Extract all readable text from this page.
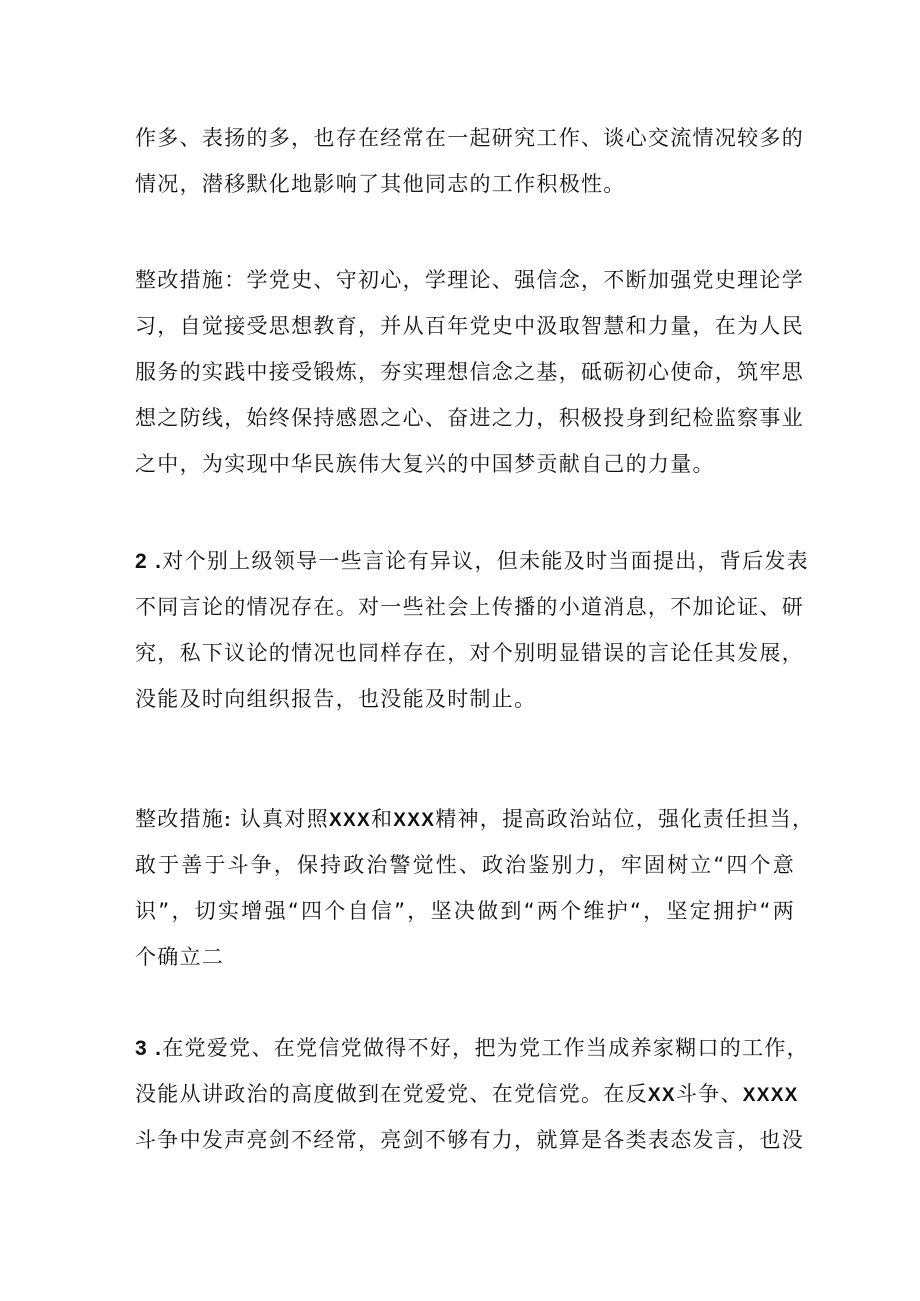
作多、表扬的多，也存在经常在一起研究工作、谈心交流情况较多的
情况，潜移默化地影响了其他同志的工作积极性。
整改措施：学党史、守初心，学理论、强信念，不断加强党史理论学
习，自觉接受思想教育，并从百年党史中汲取智慧和力量，在为人民
服务的实践中接受锻炼，夯实理想信念之基，砥砺初心使命，筑牢思
想之防线，始终保持感恩之心、奋进之力，积极投身到纪检监察事业
之中，为实现中华民族伟大复兴的中国梦贡献自己的力量。
2 .对个别上级领导一些言论有异议，但未能及时当面提出，背后发表
不同言论的情况存在。对一些社会上传播的小道消息，不加论证、研
究，私下议论的情况也同样存在，对个别明显错误的言论任其发展，
没能及时向组织报告，也没能及时制止。
整改措施: 认真对照XXX和XXX精神，提高政治站位，强化责任担当，
敢于善于斗争，保持政治警觉性、政治鉴别力，牢固树立“四个意
识”，切实增强“四个自信”，坚决做到“两个维护“，坚定拥护“两
个确立二
3 .在党爱党、在党信党做得不好，把为党工作当成养家糊口的工作，
没能从讲政治的高度做到在党爱党、在党信党。在反XX斗争、XXXX
斗争中发声亮剑不经常，亮剑不够有力，就算是各类表态发言，也没
